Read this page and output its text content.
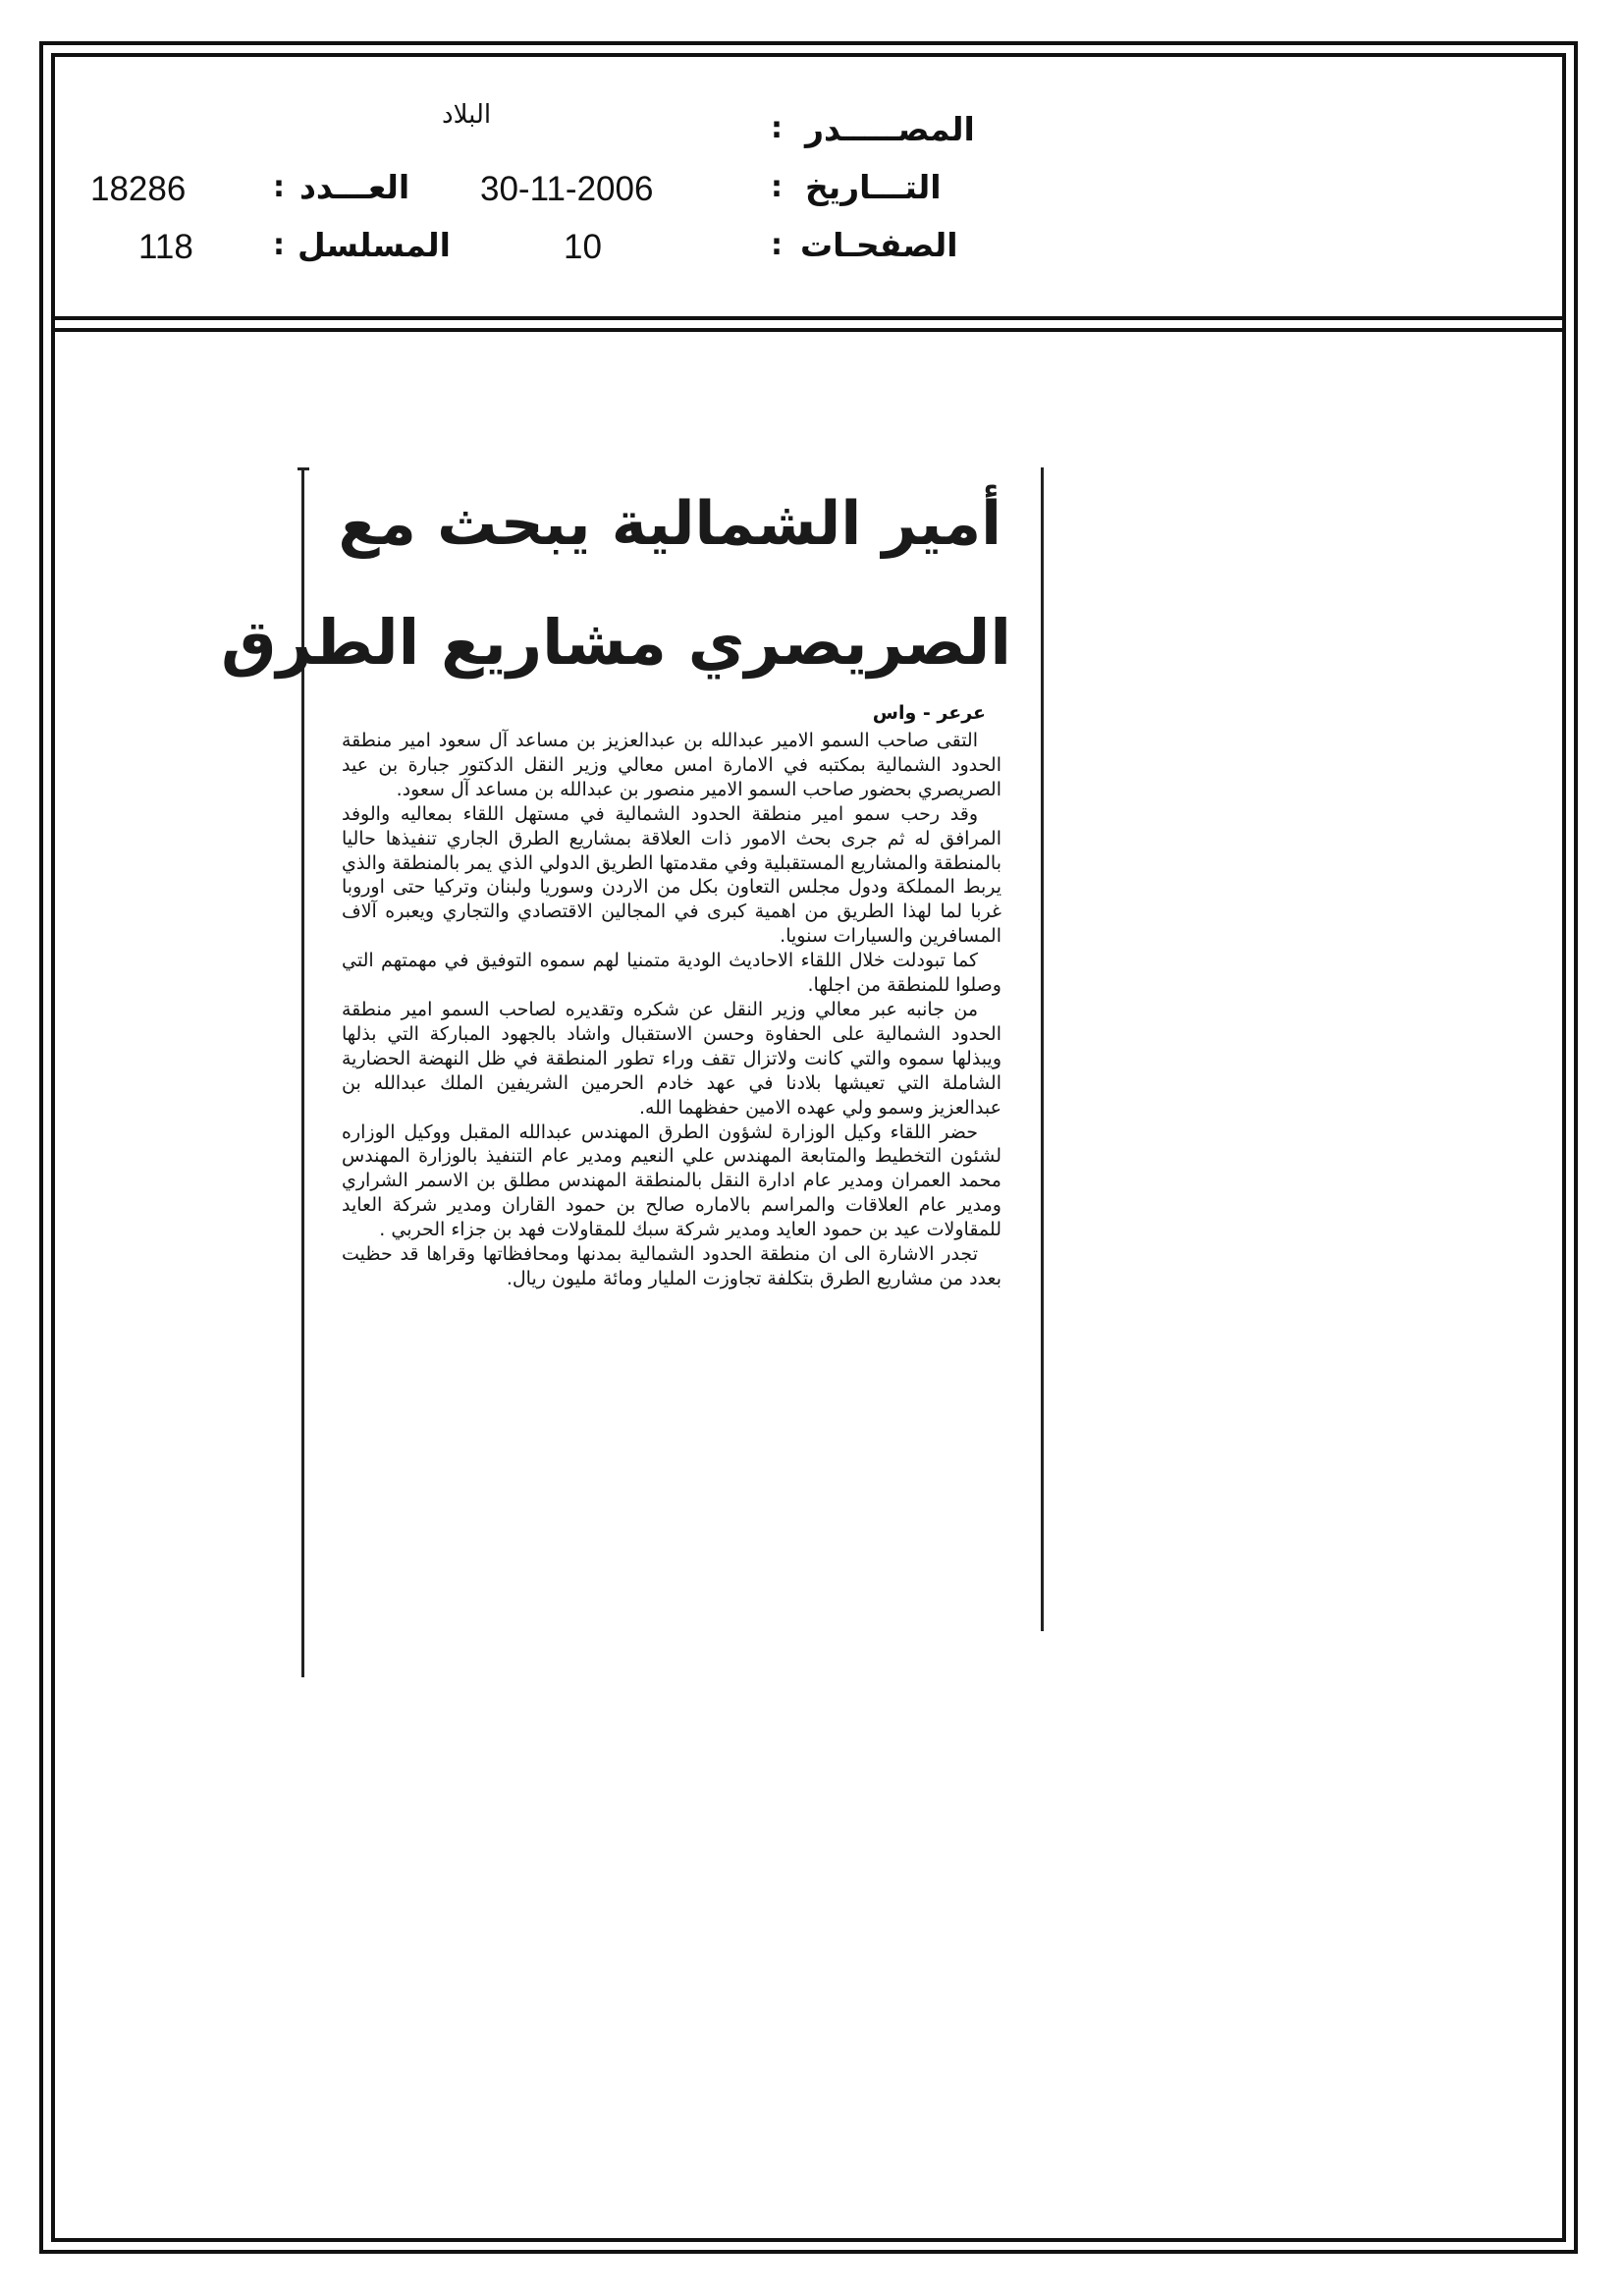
المصـــــدر
:
البلاد
التـــاريخ
:
30-11-2006
العـــدد
:
18286
الصفحـات
:
10
المسلسل
:
118
أمير الشمالية يبحث مع
الصريصري مشاريع الطرق
عرعر - واس

التقى صاحب السمو الامير عبدالله بن عبدالعزيز بن مساعد آل سعود امير منطقة الحدود الشمالية بمكتبه في الامارة امس معالي وزير النقل الدكتور جبارة بن عيد الصريصري بحضور صاحب السمو الامير منصور بن عبدالله بن مساعد آل سعود.

وقد رحب سمو امير منطقة الحدود الشمالية في مستهل اللقاء بمعاليه والوفد المرافق له ثم جرى بحث الامور ذات العلاقة بمشاريع الطرق الجاري تنفيذها حاليا بالمنطقة والمشاريع المستقبلية وفي مقدمتها الطريق الدولي الذي يمر بالمنطقة والذي يربط المملكة ودول مجلس التعاون بكل من الاردن وسوريا ولبنان وتركيا حتى اوروبا غربا لما لهذا الطريق من اهمية كبرى في المجالين الاقتصادي والتجاري ويعبره آلاف المسافرين والسيارات سنويا.

كما تبودلت خلال اللقاء الاحاديث الودية متمنيا لهم سموه التوفيق في مهمتهم التي وصلوا للمنطقة من اجلها.

من جانبه عبر معالي وزير النقل عن شكره وتقديره لصاحب السمو امير منطقة الحدود الشمالية على الحفاوة وحسن الاستقبال واشاد بالجهود المباركة التي بذلها ويبذلها سموه والتي كانت ولاتزال تقف وراء تطور المنطقة في ظل النهضة الحضارية الشاملة التي تعيشها بلادنا في عهد خادم الحرمين الشريفين الملك عبدالله بن عبدالعزيز وسمو ولي عهده الامين حفظهما الله.

حضر اللقاء وكيل الوزارة لشؤون الطرق المهندس عبدالله المقبل ووكيل الوزاره لشئون التخطيط والمتابعة المهندس علي النعيم ومدير عام التنفيذ بالوزارة المهندس محمد العمران ومدير عام ادارة النقل بالمنطقة المهندس مطلق بن الاسمر الشراري ومدير عام العلاقات والمراسم بالاماره صالح بن حمود القاران ومدير شركة العايد للمقاولات عيد بن حمود العايد ومدير شركة سبك للمقاولات فهد بن جزاء الحربي .

تجدر الاشارة الى ان منطقة الحدود الشمالية بمدنها ومحافظاتها وقراها قد حظيت بعدد من مشاريع الطرق بتكلفة تجاوزت المليار ومائة مليون ريال.
